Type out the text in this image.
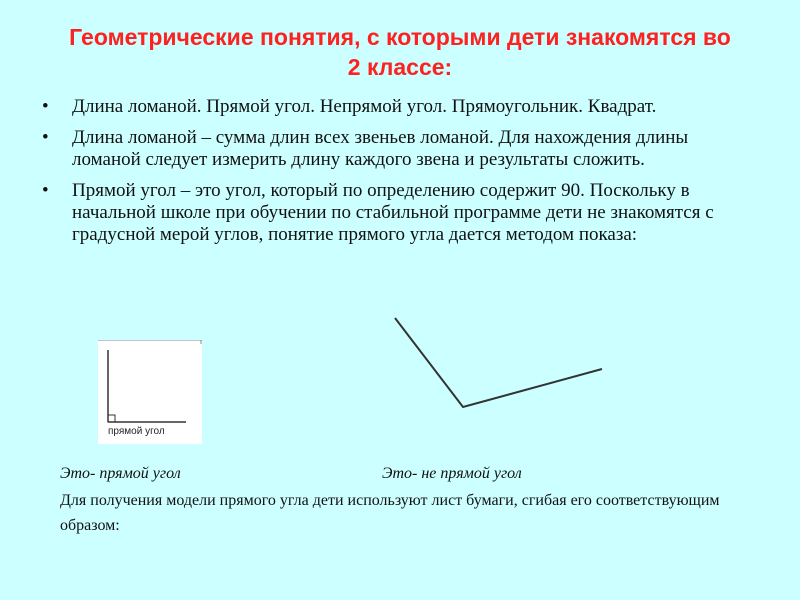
Геометрические понятия, с которыми дети знакомятся во 2 классе:
• Длина ломаной. Прямой угол. Непрямой угол. Прямоугольник. Квадрат.
• Длина ломаной – сумма длин всех звеньев ломаной. Для нахождения длины ломаной следует измерить длину каждого звена и результаты сложить.
• Прямой угол – это угол, который по определению содержит 90. Поскольку в начальной школе при обучении по стабильной программе дети не знакомятся с градусной мерой углов, понятие прямого угла дается методом показа:
прямой угол
Это- прямой угол	Это- не прямой угол
Для получения модели прямого угла дети используют лист бумаги, сгибая его соответствующим образом:
